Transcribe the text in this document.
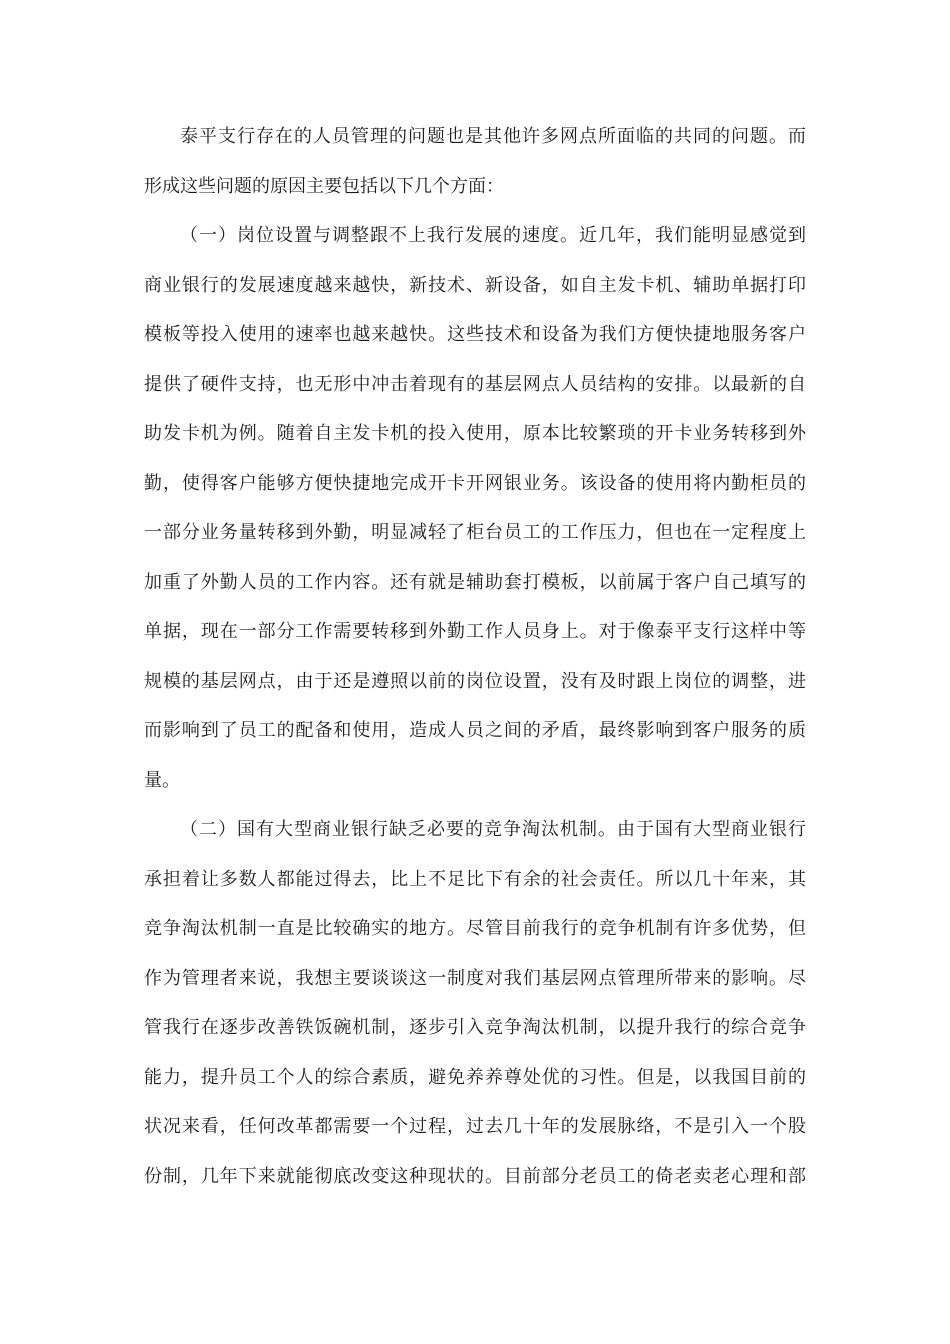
泰平支行存在的人员管理的问题也是其他许多网点所面临的共同的问题。而
形成这些问题的原因主要包括以下几个方面：
（一）岗位设置与调整跟不上我行发展的速度。近几年，我们能明显感觉到
商业银行的发展速度越来越快，新技术、新设备，如自主发卡机、辅助单据打印
模板等投入使用的速率也越来越快。这些技术和设备为我们方便快捷地服务客户
提供了硬件支持，也无形中冲击着现有的基层网点人员结构的安排。以最新的自
助发卡机为例。随着自主发卡机的投入使用，原本比较繁琐的开卡业务转移到外
勤，使得客户能够方便快捷地完成开卡开网银业务。该设备的使用将内勤柜员的
一部分业务量转移到外勤，明显减轻了柜台员工的工作压力，但也在一定程度上
加重了外勤人员的工作内容。还有就是辅助套打模板，以前属于客户自己填写的
单据，现在一部分工作需要转移到外勤工作人员身上。对于像泰平支行这样中等
规模的基层网点，由于还是遵照以前的岗位设置，没有及时跟上岗位的调整，进
而影响到了员工的配备和使用，造成人员之间的矛盾，最终影响到客户服务的质
量。
（二）国有大型商业银行缺乏必要的竞争淘汰机制。由于国有大型商业银行
承担着让多数人都能过得去，比上不足比下有余的社会责任。所以几十年来，其
竞争淘汰机制一直是比较确实的地方。尽管目前我行的竞争机制有许多优势，但
作为管理者来说，我想主要谈谈这一制度对我们基层网点管理所带来的影响。尽
管我行在逐步改善铁饭碗机制，逐步引入竞争淘汰机制，以提升我行的综合竞争
能力，提升员工个人的综合素质，避免养养尊处优的习性。但是，以我国目前的
状况来看，任何改革都需要一个过程，过去几十年的发展脉络，不是引入一个股
份制，几年下来就能彻底改变这种现状的。目前部分老员工的倚老卖老心理和部
